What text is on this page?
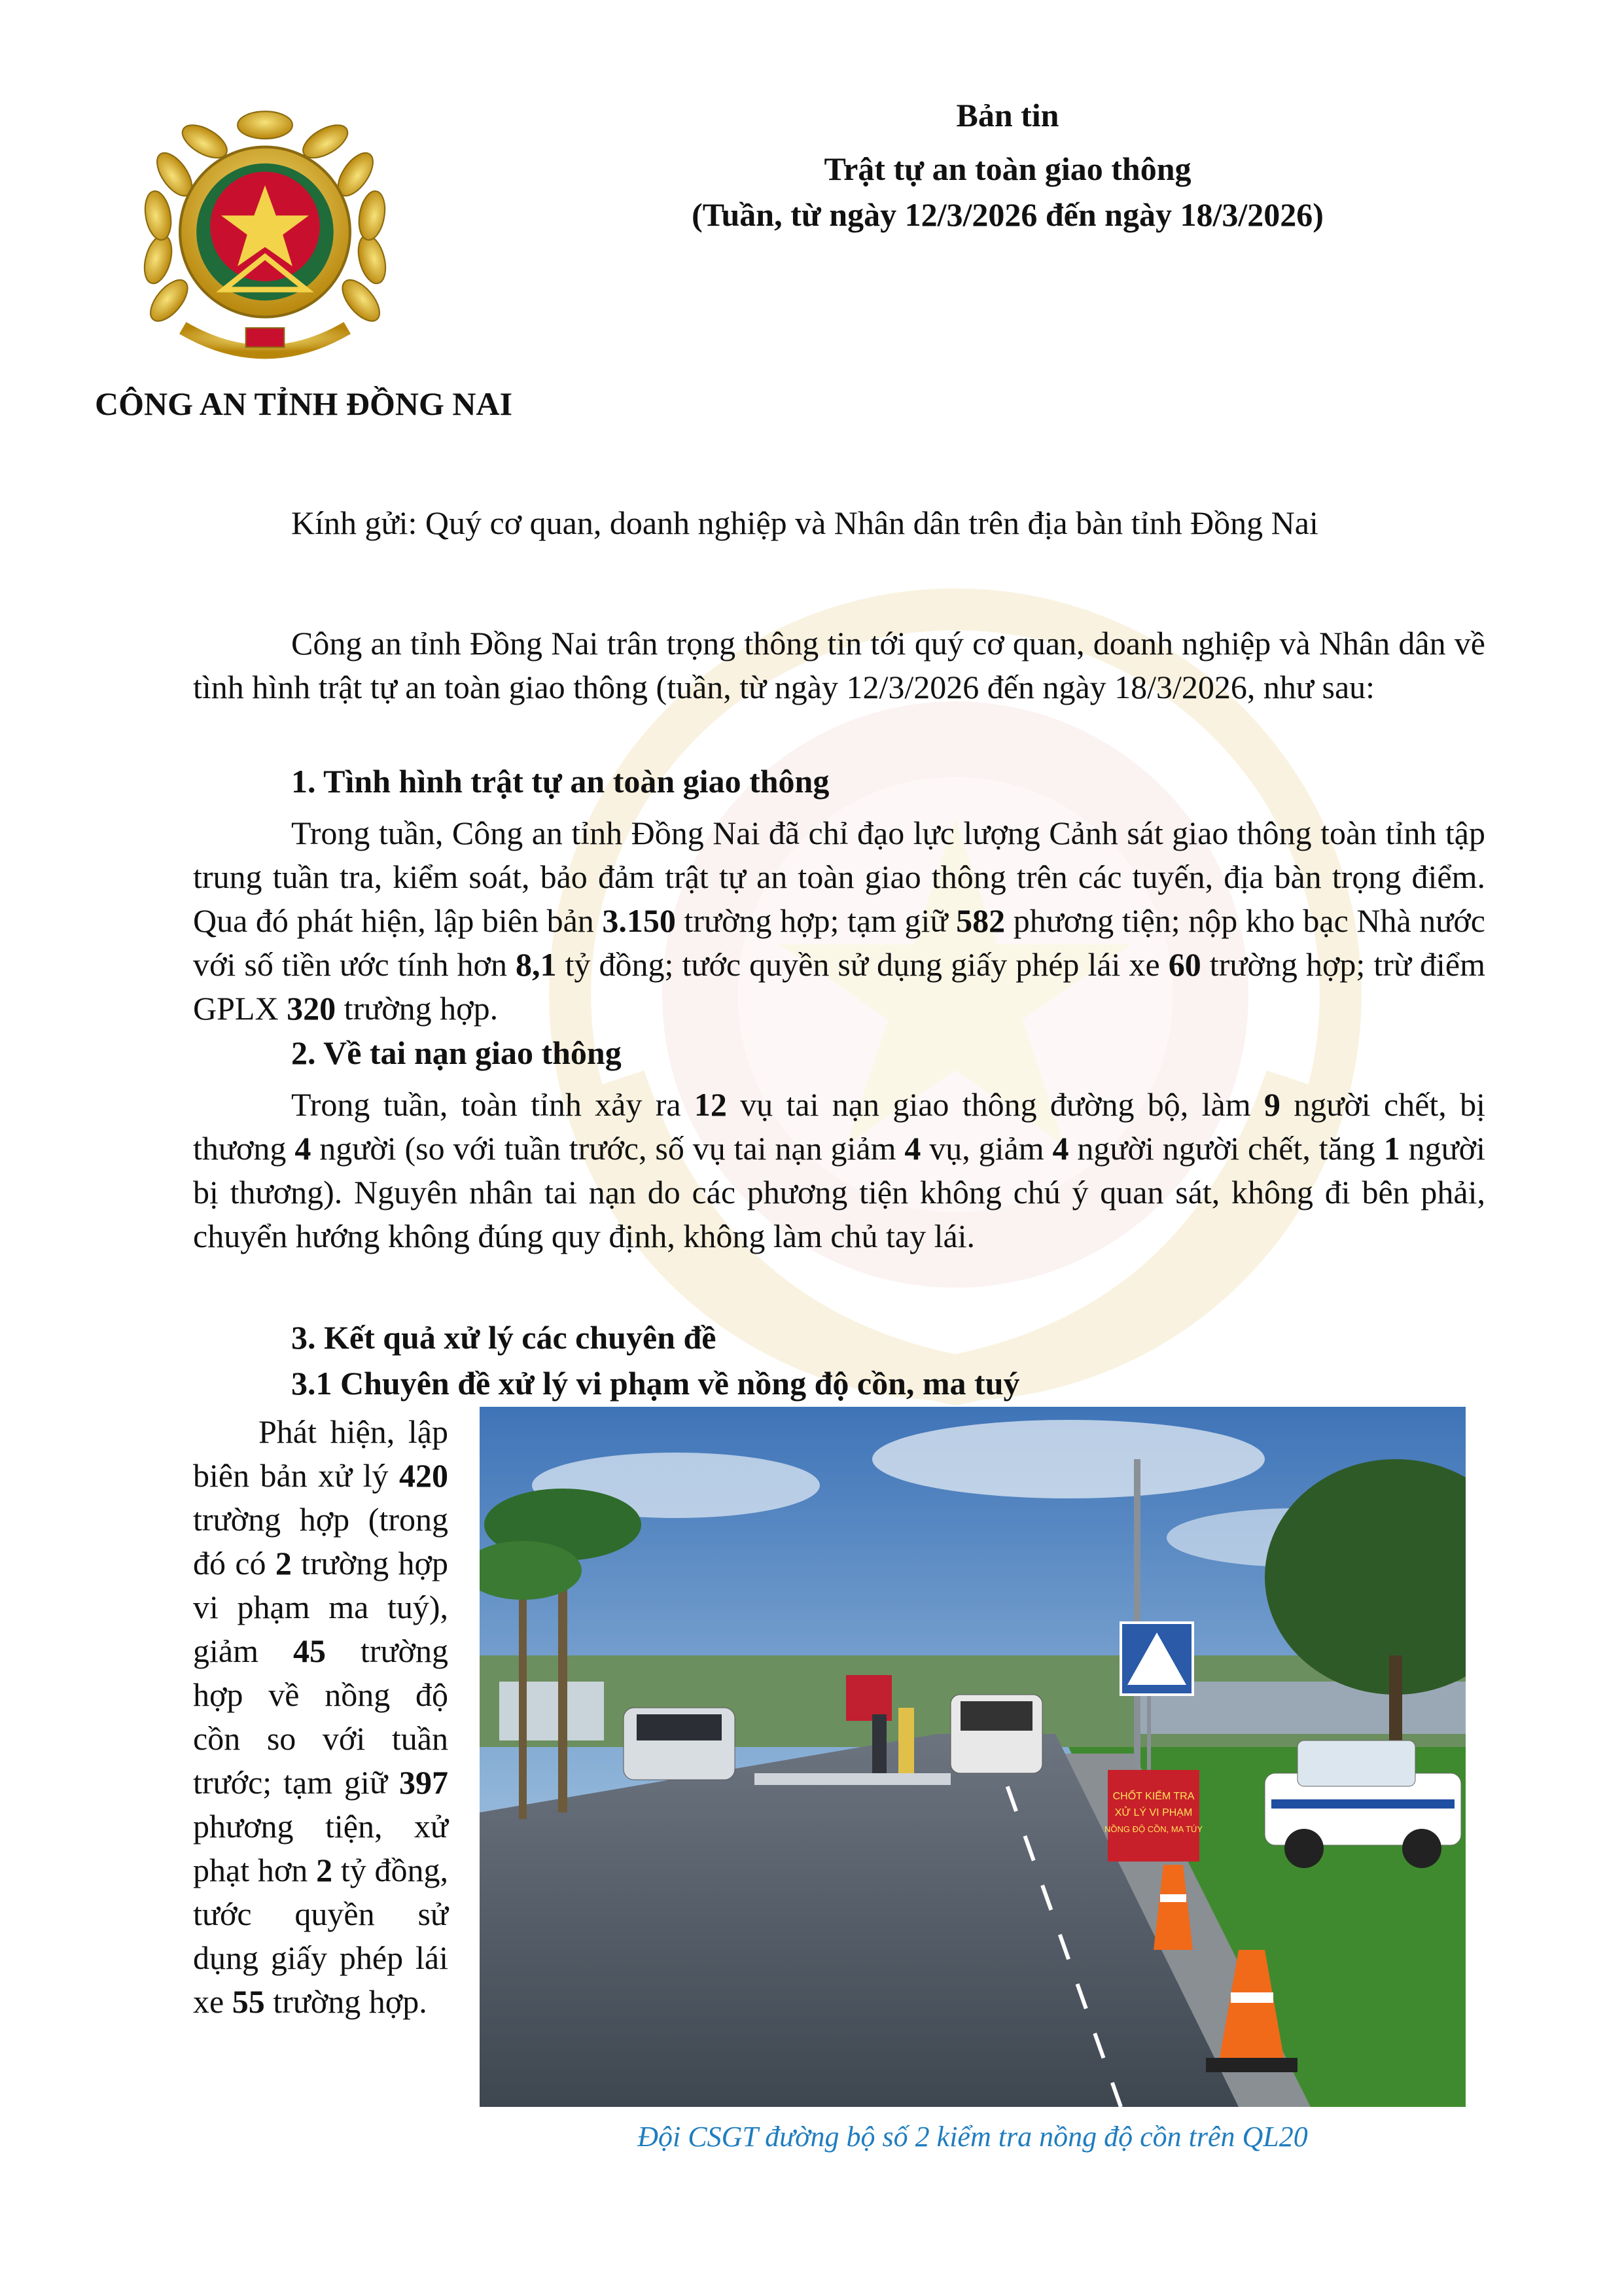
Bản tin
Trật tự an toàn giao thông
(Tuần, từ ngày 12/3/2026 đến ngày 18/3/2026)
CÔNG AN TỈNH ĐỒNG NAI
Kính gửi: Quý cơ quan, doanh nghiệp và Nhân dân trên địa bàn tỉnh Đồng Nai
Công an tỉnh Đồng Nai trân trọng thông tin tới quý cơ quan, doanh nghiệp và Nhân dân về tình hình trật tự an toàn giao thông (tuần, từ ngày 12/3/2026 đến ngày 18/3/2026, như sau:
1. Tình hình trật tự an toàn giao thông
Trong tuần, Công an tỉnh Đồng Nai đã chỉ đạo lực lượng Cảnh sát giao thông toàn tỉnh tập trung tuần tra, kiểm soát, bảo đảm trật tự an toàn giao thông trên các tuyến, địa bàn trọng điểm. Qua đó phát hiện, lập biên bản 3.150 trường hợp; tạm giữ 582 phương tiện; nộp kho bạc Nhà nước với số tiền ước tính hơn 8,1 tỷ đồng; tước quyền sử dụng giấy phép lái xe 60 trường hợp; trừ điểm GPLX 320 trường hợp.
2. Về tai nạn giao thông
Trong tuần, toàn tỉnh xảy ra 12 vụ tai nạn giao thông đường bộ, làm 9 người chết, bị thương 4 người (so với tuần trước, số vụ tai nạn giảm 4 vụ, giảm 4 người người chết, tăng 1 người bị thương). Nguyên nhân tai nạn do các phương tiện không chú ý quan sát, không đi bên phải, chuyển hướng không đúng quy định, không làm chủ tay lái.
3. Kết quả xử lý các chuyên đề
3.1 Chuyên đề xử lý vi phạm về nồng độ cồn, ma tuý
Phát hiện, lập biên bản xử lý 420 trường hợp (trong đó có 2 trường hợp vi phạm ma tuý), giảm 45 trường hợp về nồng độ cồn so với tuần trước; tạm giữ 397 phương tiện, xử phạt hơn 2 tỷ đồng, tước quyền sử dụng giấy phép lái xe 55 trường hợp.
CHỐT KIỂM TRA
XỬ LÝ VI PHẠM
NỒNG ĐỘ CỒN, MA TÚY
Đội CSGT đường bộ số 2 kiểm tra nồng độ cồn trên QL20
